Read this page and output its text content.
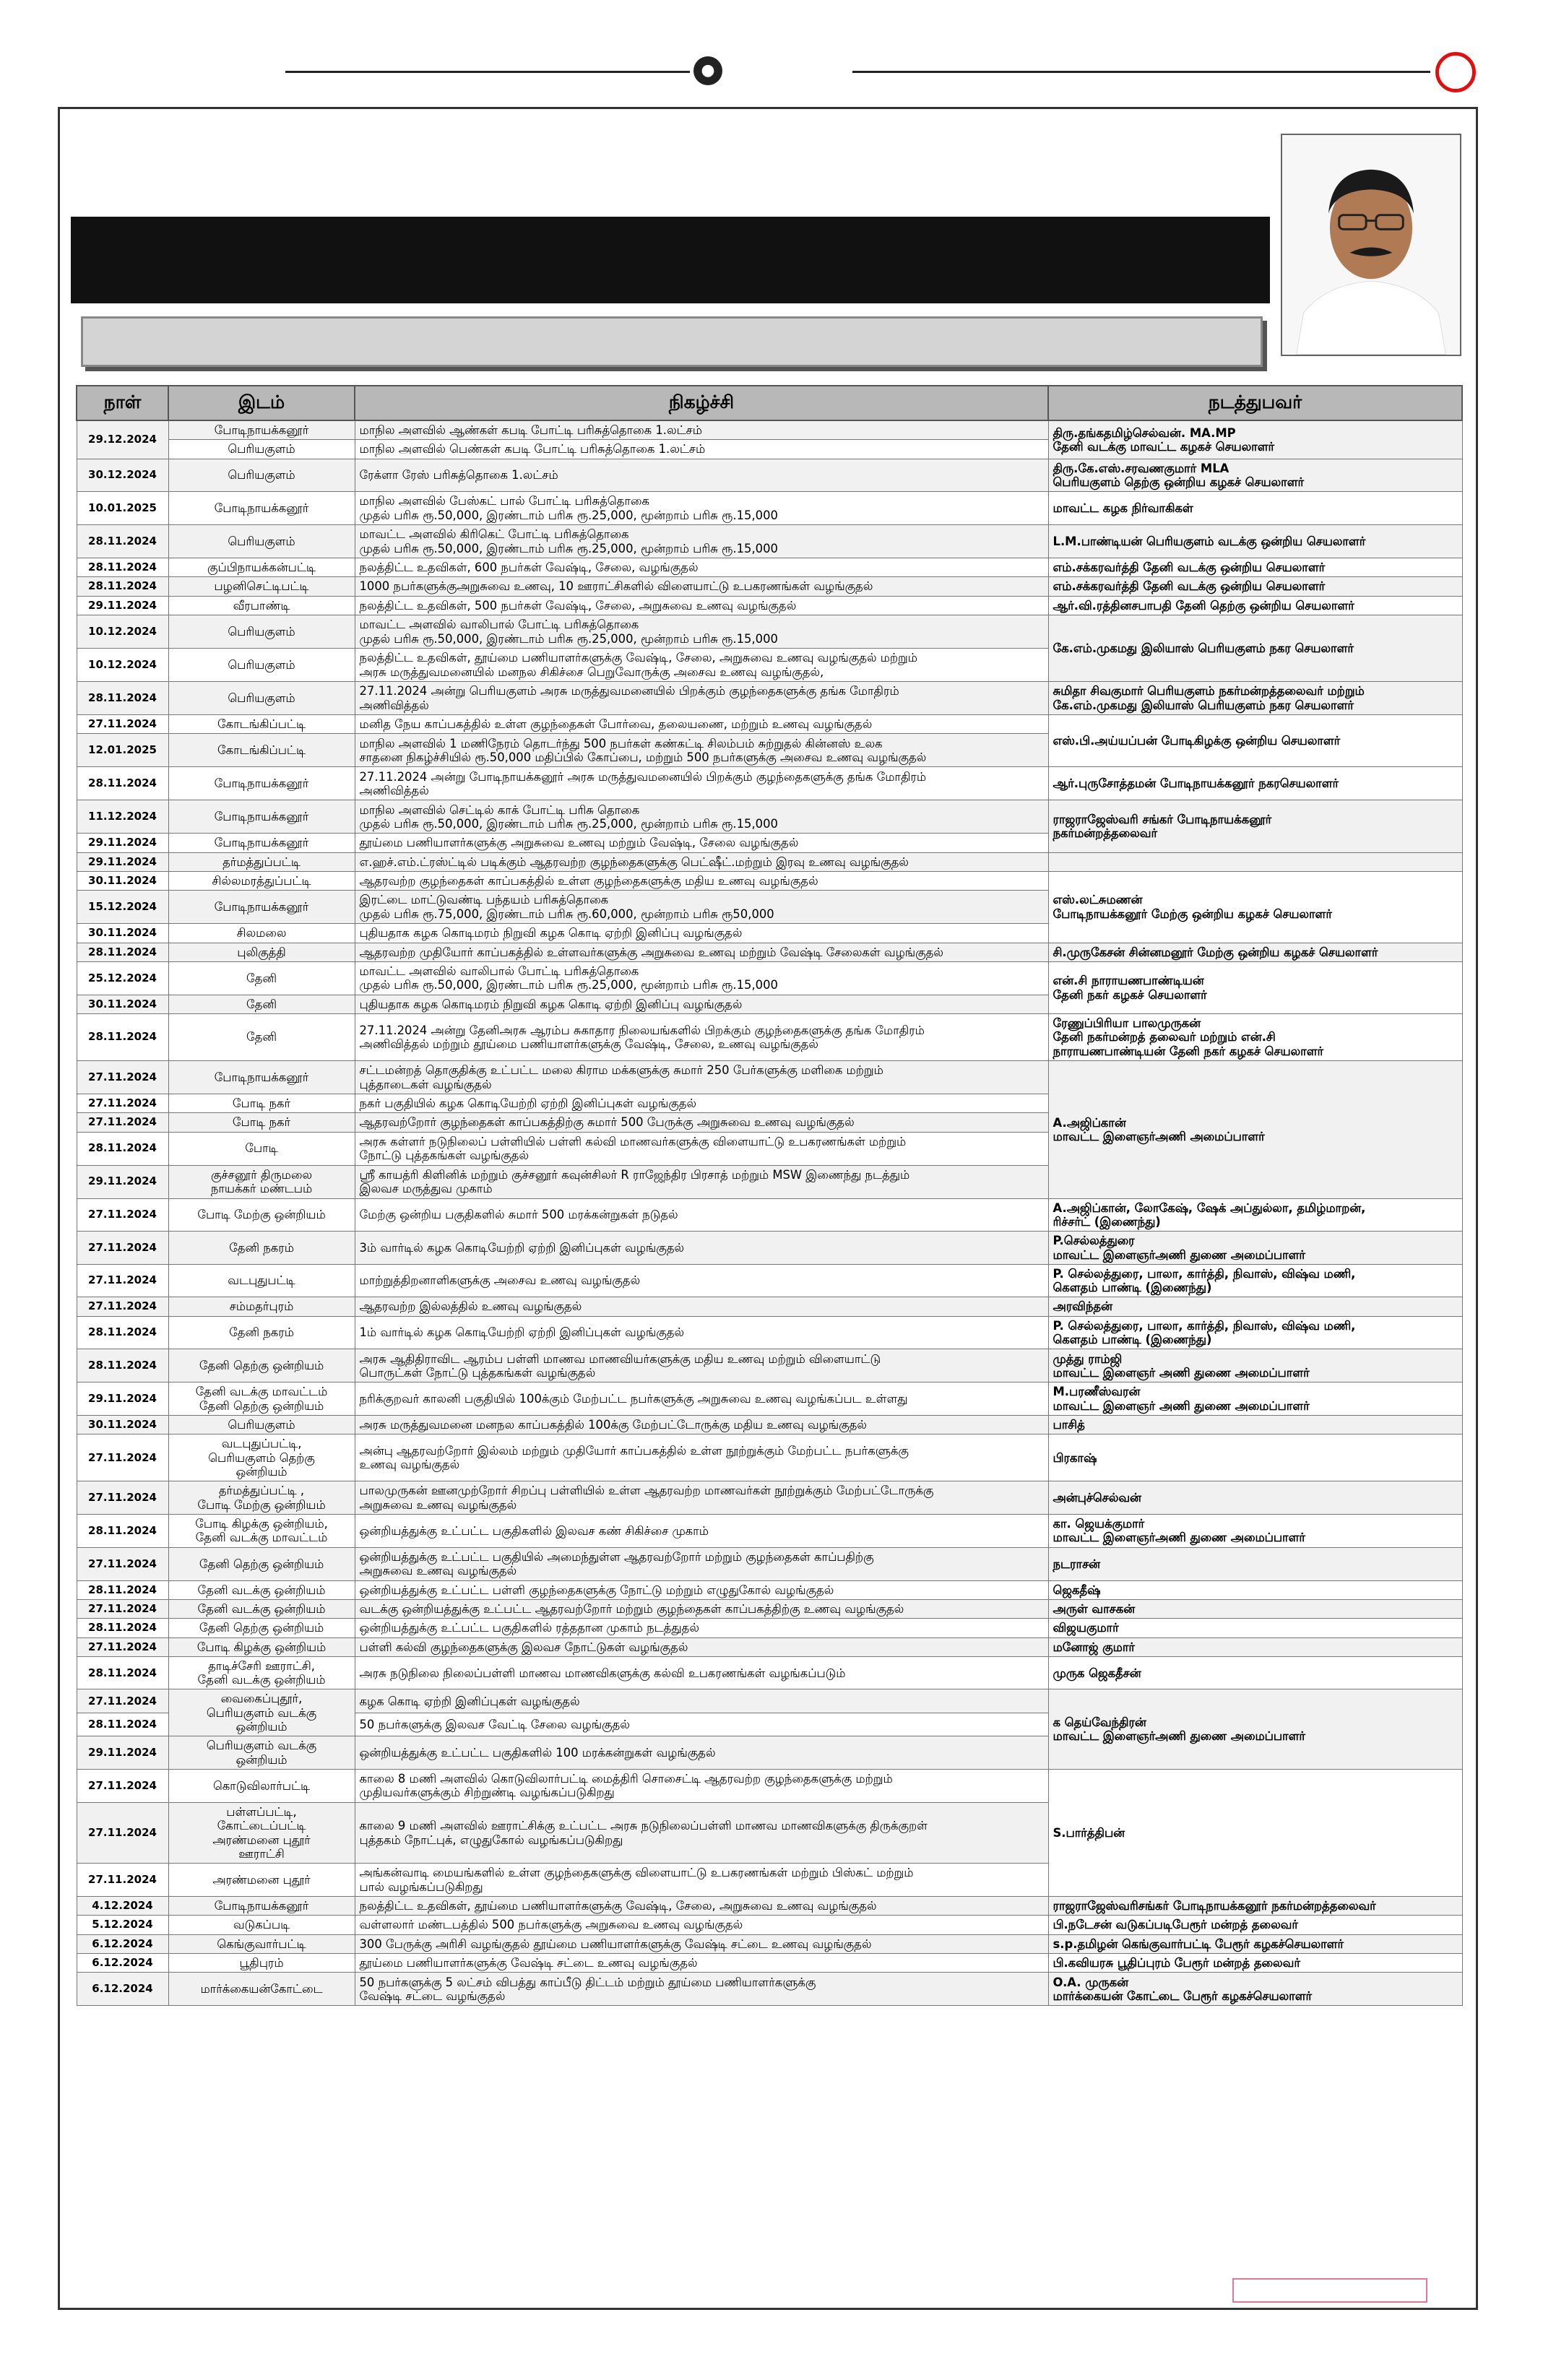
●
நாள்	இடம்	நிகழ்ச்சி	நடத்துபவர்
29.12.2024	போடிநாயக்கனூர்	மாநில அளவில் ஆண்கள் கபடி போட்டி பரிசுத்தொகை 1.லட்சம்	திரு.தங்கதமிழ்செல்வன். MA.MP
தேனி வடக்கு மாவட்ட கழகச் செயலாளர்
	பெரியகுளம்	மாநில அளவில் பெண்கள் கபடி போட்டி பரிசுத்தொகை 1.லட்சம்	
30.12.2024	பெரியகுளம்	ரேக்ளா ரேஸ் பரிசுத்தொகை 1.லட்சம்	திரு.கே.எஸ்.சரவணகுமார் MLA
பெரியகுளம் தெற்கு ஒன்றிய கழகச் செயலாளர்
10.01.2025	போடிநாயக்கனூர்	மாநில அளவில் பேஸ்கட் பால் போட்டி பரிசுத்தொகை
முதல் பரிசு ரூ.50,000, இரண்டாம் பரிசு ரூ.25,000, மூன்றாம் பரிசு ரூ.15,000	மாவட்ட கழக நிர்வாகிகள்
28.11.2024	பெரியகுளம்	மாவட்ட அளவில் கிரிகெட் போட்டி பரிசுத்தொகை
முதல் பரிசு ரூ.50,000, இரண்டாம் பரிசு ரூ.25,000, மூன்றாம் பரிசு ரூ.15,000	L.M.பாண்டியன் பெரியகுளம் வடக்கு ஒன்றிய செயலாளர்
28.11.2024	குப்பிநாயக்கன்பட்டி	நலத்திட்ட உதவிகள், 600 நபர்கள் வேஷ்டி, சேலை, வழங்குதல்	எம்.சக்கரவர்த்தி தேனி வடக்கு ஒன்றிய செயலாளர்
28.11.2024	பழனிசெட்டிபட்டி	1000 நபர்களுக்குஅறுசுவை உணவு, 10 ஊராட்சிகளில் விளையாட்டு உபகரணங்கள் வழங்குதல்	எம்.சக்கரவர்த்தி தேனி வடக்கு ஒன்றிய செயலாளர்
29.11.2024	வீரபாண்டி	நலத்திட்ட உதவிகள், 500 நபர்கள் வேஷ்டி, சேலை, அறுசுவை உணவு வழங்குதல்	ஆர்.வி.ரத்தினசபாபதி தேனி தெற்கு ஒன்றிய செயலாளர்
10.12.2024	பெரியகுளம்	மாவட்ட அளவில் வாலிபால் போட்டி பரிசுத்தொகை
முதல் பரிசு ரூ.50,000, இரண்டாம் பரிசு ரூ.25,000, மூன்றாம் பரிசு ரூ.15,000	கே.எம்.முகமது இலியாஸ் பெரியகுளம் நகர செயலாளர்
10.12.2024	பெரியகுளம்	நலத்திட்ட உதவிகள், தூய்மை பணியாளர்களுக்கு வேஷ்டி, சேலை, அறுசுவை உணவு வழங்குதல் மற்றும்
அரசு மருத்துவமனையில் மனநல சிகிச்சை பெறுவோருக்கு அசைவ உணவு வழங்குதல்,	
28.11.2024	பெரியகுளம்	27.11.2024 அன்று பெரியகுளம் அரசு மருத்துவமனையில் பிறக்கும் குழந்தைகளுக்கு தங்க மோதிரம்
அணிவித்தல்	சுமிதா சிவகுமார் பெரியகுளம் நகர்மன்றத்தலைவர் மற்றும்
கே.எம்.முகமது இலியாஸ் பெரியகுளம் நகர செயலாளர்
27.11.2024	கோடங்கிப்பட்டி	மனித நேய காப்பகத்தில் உள்ள குழந்தைகள் போர்வை, தலையணை, மற்றும் உணவு வழங்குதல்	எஸ்.பி.அய்யப்பன் போடிகிழக்கு ஒன்றிய செயலாளர்
12.01.2025	கோடங்கிப்பட்டி	மாநில அளவில் 1 மணிநேரம் தொடர்ந்து 500 நபர்கள் கண்கட்டி சிலம்பம் சுற்றுதல் கின்னஸ் உலக
சாதனை நிகழ்ச்சியில் ரூ.50,000 மதிப்பில் கோப்பை, மற்றும் 500 நபர்களுக்கு அசைவ உணவு வழங்குதல்	
28.11.2024	போடிநாயக்கனூர்	27.11.2024 அன்று போடிநாயக்கனூர் அரசு மருத்துவமனையில் பிறக்கும் குழந்தைகளுக்கு தங்க மோதிரம்
அணிவித்தல்	ஆர்.புருசோத்தமன் போடிநாயக்கனூர் நகரசெயலாளர்
11.12.2024	போடிநாயக்கனூர்	மாநில அளவில் செட்டில் காக் போட்டி பரிசு தொகை
முதல் பரிசு ரூ.50,000, இரண்டாம் பரிசு ரூ.25,000, மூன்றாம் பரிசு ரூ.15,000	ராஜராஜேஸ்வரி சங்கர் போடிநாயக்கனூர்
நகர்மன்றத்தலைவர்
29.11.2024	போடிநாயக்கனூர்	தூய்மை பணியாளர்களுக்கு அறுசுவை உணவு மற்றும் வேஷ்டி, சேலை வழங்குதல்	
29.11.2024	தர்மத்துப்பட்டி	எ.ஹச்.எம்.ட்ரஸ்ட்டில் படிக்கும் ஆதரவற்ற குழந்தைகளுக்கு பெட்ஷீட்.மற்றும் இரவு உணவு வழங்குதல்	
30.11.2024	சில்லமரத்துப்பட்டி	ஆதரவற்ற குழந்தைகள் காப்பகத்தில் உள்ள குழந்தைகளுக்கு மதிய உணவு வழங்குதல்	எஸ்.லட்சுமணன்
போடிநாயக்கனூர் மேற்கு ஒன்றிய கழகச் செயலாளர்
15.12.2024	போடிநாயக்கனூர்	இரட்டை மாட்டுவண்டி பந்தயம் பரிசுத்தொகை
முதல் பரிசு ரூ.75,000, இரண்டாம் பரிசு ரூ.60,000, மூன்றாம் பரிசு ரூ50,000	
30.11.2024	சிலமலை	புதியதாக கழக கொடிமரம் நிறுவி கழக கொடி ஏற்றி இனிப்பு வழங்குதல்	
28.11.2024	புலிகுத்தி	ஆதரவற்ற முதியோர் காப்பகத்தில் உள்ளவர்களுக்கு அறுசுவை உணவு மற்றும் வேஷ்டி சேலைகள் வழங்குதல்	சி.முருகேசன் சின்னமனூர் மேற்கு ஒன்றிய கழகச் செயலாளர்
25.12.2024	தேனி	மாவட்ட அளவில் வாலிபால் போட்டி பரிசுத்தொகை
முதல் பரிசு ரூ.50,000, இரண்டாம் பரிசு ரூ.25,000, மூன்றாம் பரிசு ரூ.15,000	என்.சி நாராயணபாண்டியன்
தேனி நகர் கழகச் செயலாளர்
30.11.2024	தேனி	புதியதாக கழக கொடிமரம் நிறுவி கழக கொடி ஏற்றி இனிப்பு வழங்குதல்	
28.11.2024	தேனி	27.11.2024 அன்று தேனிஅரசு ஆரம்ப சுகாதார நிலையங்களில் பிறக்கும் குழந்தைகளுக்கு தங்க மோதிரம்
அணிவித்தல் மற்றும் தூய்மை பணியாளர்களுக்கு வேஷ்டி, சேலை, உணவு வழங்குதல்	ரேணுப்பிரியா பாலமுருகன்
தேனி நகர்மன்றத் தலைவர் மற்றும் என்.சி
நாராயணபாண்டியன் தேனி நகர் கழகச் செயலாளர்
27.11.2024	போடிநாயக்கனூர்	சட்டமன்றத் தொகுதிக்கு உட்பட்ட மலை கிராம மக்களுக்கு சுமார் 250 பேர்களுக்கு மளிகை மற்றும்
புத்தாடைகள் வழங்குதல்	A.அஜிப்கான்
மாவட்ட இளைஞர்அணி அமைப்பாளர்
27.11.2024	போடி நகர்	நகர் பகுதியில் கழக கொடியேற்றி ஏற்றி இனிப்புகள் வழங்குதல்	
27.11.2024	போடி நகர்	ஆதரவற்றோர் குழந்தைகள் காப்பகத்திற்கு சுமார் 500 பேருக்கு அறுசுவை உணவு வழங்குதல்	
28.11.2024	போடி	அரசு கள்ளர் நடுநிலைப் பள்ளியில் பள்ளி கல்வி மாணவர்களுக்கு விளையாட்டு உபகரணங்கள் மற்றும்
நோட்டு புத்தகங்கள் வழங்குதல்	
29.11.2024	குச்சனூர் திருமலை
நாயக்கர் மண்டபம்	ஸ்ரீ காயத்ரி கிளினிக் மற்றும் குச்சனூர் கவுன்சிலர் R ராஜேந்திர பிரசாத் மற்றும் MSW இணைந்து நடத்தும்
இலவச மருத்துவ முகாம்	
27.11.2024	போடி மேற்கு ஒன்றியம்	மேற்கு ஒன்றிய பகுதிகளில் சுமார் 500 மரக்கன்றுகள் நடுதல்	A.அஜிப்கான், லோகேஷ், ஷேக் அப்துல்லா, தமிழ்மாறன்,
ரிச்சர்ட் (இணைந்து)
27.11.2024	தேனி நகரம்	3ம் வார்டில் கழக கொடியேற்றி ஏற்றி இனிப்புகள் வழங்குதல்	P.செல்லத்துரை
மாவட்ட இளைஞர்அணி துணை அமைப்பாளர்
27.11.2024	வடபுதுபட்டி	மாற்றுத்திறனாளிகளுக்கு அசைவ உணவு வழங்குதல்	P. செல்லத்துரை, பாலா, கார்த்தி, நிவாஸ், விஷ்வ மணி,
கௌதம் பாண்டி (இணைந்து)
27.11.2024	சம்மதர்புரம்	ஆதரவற்ற இல்லத்தில் உணவு வழங்குதல்	அரவிந்தன்
28.11.2024	தேனி நகரம்	1ம் வார்டில் கழக கொடியேற்றி ஏற்றி இனிப்புகள் வழங்குதல்	P. செல்லத்துரை, பாலா, கார்த்தி, நிவாஸ், விஷ்வ மணி,
கௌதம் பாண்டி (இணைந்து)
28.11.2024	தேனி தெற்கு ஒன்றியம்	அரசு ஆதிதிராவிட ஆரம்ப பள்ளி மாணவ மாணவியர்களுக்கு மதிய உணவு மற்றும் விளையாட்டு
பொருட்கள் நோட்டு புத்தகங்கள் வழங்குதல்	முத்து ராம்ஜி
மாவட்ட இளைஞர் அணி துணை அமைப்பாளர்
29.11.2024	தேனி வடக்கு மாவட்டம்
தேனி தெற்கு ஒன்றியம்	நரிக்குறவர் காலனி பகுதியில் 100க்கும் மேற்பட்ட நபர்களுக்கு அறுசுவை உணவு வழங்கப்பட உள்ளது	M.பரணீஸ்வரன்
மாவட்ட இளைஞர் அணி துணை அமைப்பாளர்
30.11.2024	பெரியகுளம்	அரசு மருத்துவமனை மனநல காப்பகத்தில் 100க்கு மேற்பட்டோருக்கு மதிய உணவு வழங்குதல்	பாசித்
27.11.2024	வடபுதுப்பட்டி,
பெரியகுளம் தெற்கு
ஒன்றியம்	அன்பு ஆதரவற்றோர் இல்லம் மற்றும் முதியோர் காப்பகத்தில் உள்ள நூற்றுக்கும் மேற்பட்ட நபர்களுக்கு
உணவு வழங்குதல்	பிரகாஷ்
27.11.2024	தர்மத்துப்பட்டி ,
போடி மேற்கு ஒன்றியம்	பாலமுருகன் ஊனமுற்றோர் சிறப்பு பள்ளியில் உள்ள ஆதரவற்ற மாணவர்கள் நூற்றுக்கும் மேற்பட்டோருக்கு
அறுசுவை உணவு வழங்குதல்	அன்புச்செல்வன்
28.11.2024	போடி கிழக்கு ஒன்றியம்,
தேனி வடக்கு மாவட்டம்	ஒன்றியத்துக்கு உட்பட்ட பகுதிகளில் இலவச கண் சிகிச்சை முகாம்	கா. ஜெயக்குமார்
மாவட்ட இளைஞர்அணி துணை அமைப்பாளர்
27.11.2024	தேனி தெற்கு ஒன்றியம்	ஒன்றியத்துக்கு உட்பட்ட பகுதியில் அமைந்துள்ள ஆதரவற்றோர் மற்றும் குழந்தைகள் காப்பதிற்கு
அறுசுவை உணவு வழங்குதல்	நடராசன்
28.11.2024	தேனி வடக்கு ஒன்றியம்	ஒன்றியத்துக்கு உட்பட்ட பள்ளி குழந்தைகளுக்கு நோட்டு மற்றும் எழுதுகோல் வழங்குதல்	ஜெகதீஷ்
27.11.2024	தேனி வடக்கு ஒன்றியம்	வடக்கு ஒன்றியத்துக்கு உட்பட்ட ஆதரவற்றோர் மற்றும் குழந்தைகள் காப்பகத்திற்கு உணவு வழங்குதல்	அருள் வாசகன்
28.11.2024	தேனி தெற்கு ஒன்றியம்	ஒன்றியத்துக்கு உட்பட்ட பகுதிகளில் ரத்ததான முகாம் நடத்துதல்	விஜயகுமார்
27.11.2024	போடி கிழக்கு ஒன்றியம்	பள்ளி கல்வி குழந்தைகளுக்கு இலவச நோட்டுகள் வழங்குதல்	மனோஜ் குமார்
28.11.2024	தாடிச்சேரி ஊராட்சி,
தேனி வடக்கு ஒன்றியம்	அரசு நடுநிலை நிலைப்பள்ளி மாணவ மாணவிகளுக்கு கல்வி உபகரணங்கள் வழங்கப்படும்	முருக ஜெகதீசன்
27.11.2024	வைகைப்புதூர்,
பெரியகுளம் வடக்கு
ஒன்றியம்	கழக கொடி ஏற்றி இனிப்புகள் வழங்குதல்	க தெய்வேந்திரன்
மாவட்ட இளைஞர்அணி துணை அமைப்பாளர்
28.11.2024		50 நபர்களுக்கு இலவச வேட்டி சேலை வழங்குதல்	
29.11.2024	பெரியகுளம் வடக்கு
ஒன்றியம்	ஒன்றியத்துக்கு உட்பட்ட பகுதிகளில் 100 மரக்கன்றுகள் வழங்குதல்	
27.11.2024	கொடுவிலார்பட்டி	காலை 8 மணி அளவில் கொடுவிலார்பட்டி மைத்திரி சொசைட்டி ஆதரவற்ற குழந்தைகளுக்கு மற்றும்
முதியவர்களுக்கும் சிற்றுண்டி வழங்கப்படுகிறது	S.பார்த்திபன்
27.11.2024	பள்ளப்பட்டி,
கோட்டைப்பட்டி
அரண்மனை புதூர்
ஊராட்சி	காலை 9 மணி அளவில் ஊராட்சிக்கு உட்பட்ட அரசு நடுநிலைப்பள்ளி மாணவ மாணவிகளுக்கு திருக்குறள்
புத்தகம் நோட்புக், எழுதுகோல் வழங்கப்படுகிறது	
27.11.2024	அரண்மனை புதூர்	அங்கன்வாடி மையங்களில் உள்ள குழந்தைகளுக்கு விளையாட்டு உபகரணங்கள் மற்றும் பிஸ்கட் மற்றும்
பால் வழங்கப்படுகிறது	
4.12.2024	போடிநாயக்கனூர்	நலத்திட்ட உதவிகள், தூய்மை பணியாளர்களுக்கு வேஷ்டி, சேலை, அறுசுவை உணவு வழங்குதல்	ராஜராஜேஸ்வரிசங்கர் போடிநாயக்கனூர் நகர்மன்றத்தலைவர்
5.12.2024	வடுகப்படி	வள்ளலார் மண்டபத்தில் 500 நபர்களுக்கு அறுசுவை உணவு வழங்குதல்	பி.நடேசன் வடுகப்படிபேரூர் மன்றத் தலைவர்
6.12.2024	கெங்குவார்பட்டி	300 பேருக்கு அரிசி வழங்குதல் தூய்மை பணியாளர்களுக்கு வேஷ்டி சட்டை உணவு வழங்குதல்	s.p.தமிழன் கெங்குவார்பட்டி பேரூர் கழகச்செயலாளர்
6.12.2024	பூதிபுரம்	தூய்மை பணியாளர்களுக்கு வேஷ்டி சட்டை உணவு வழங்குதல்	பி.கவியரசு பூதிப்புரம் பேரூர் மன்றத் தலைவர்
6.12.2024	மார்க்கையன்கோட்டை	50 நபர்களுக்கு 5 லட்சம் விபத்து காப்பீடு திட்டம் மற்றும் தூய்மை பணியாளர்களுக்கு
வேஷ்டி சட்டை வழங்குதல்	O.A. முருகன்
மார்க்கையன் கோட்டை பேரூர் கழகச்செயலாளர்
